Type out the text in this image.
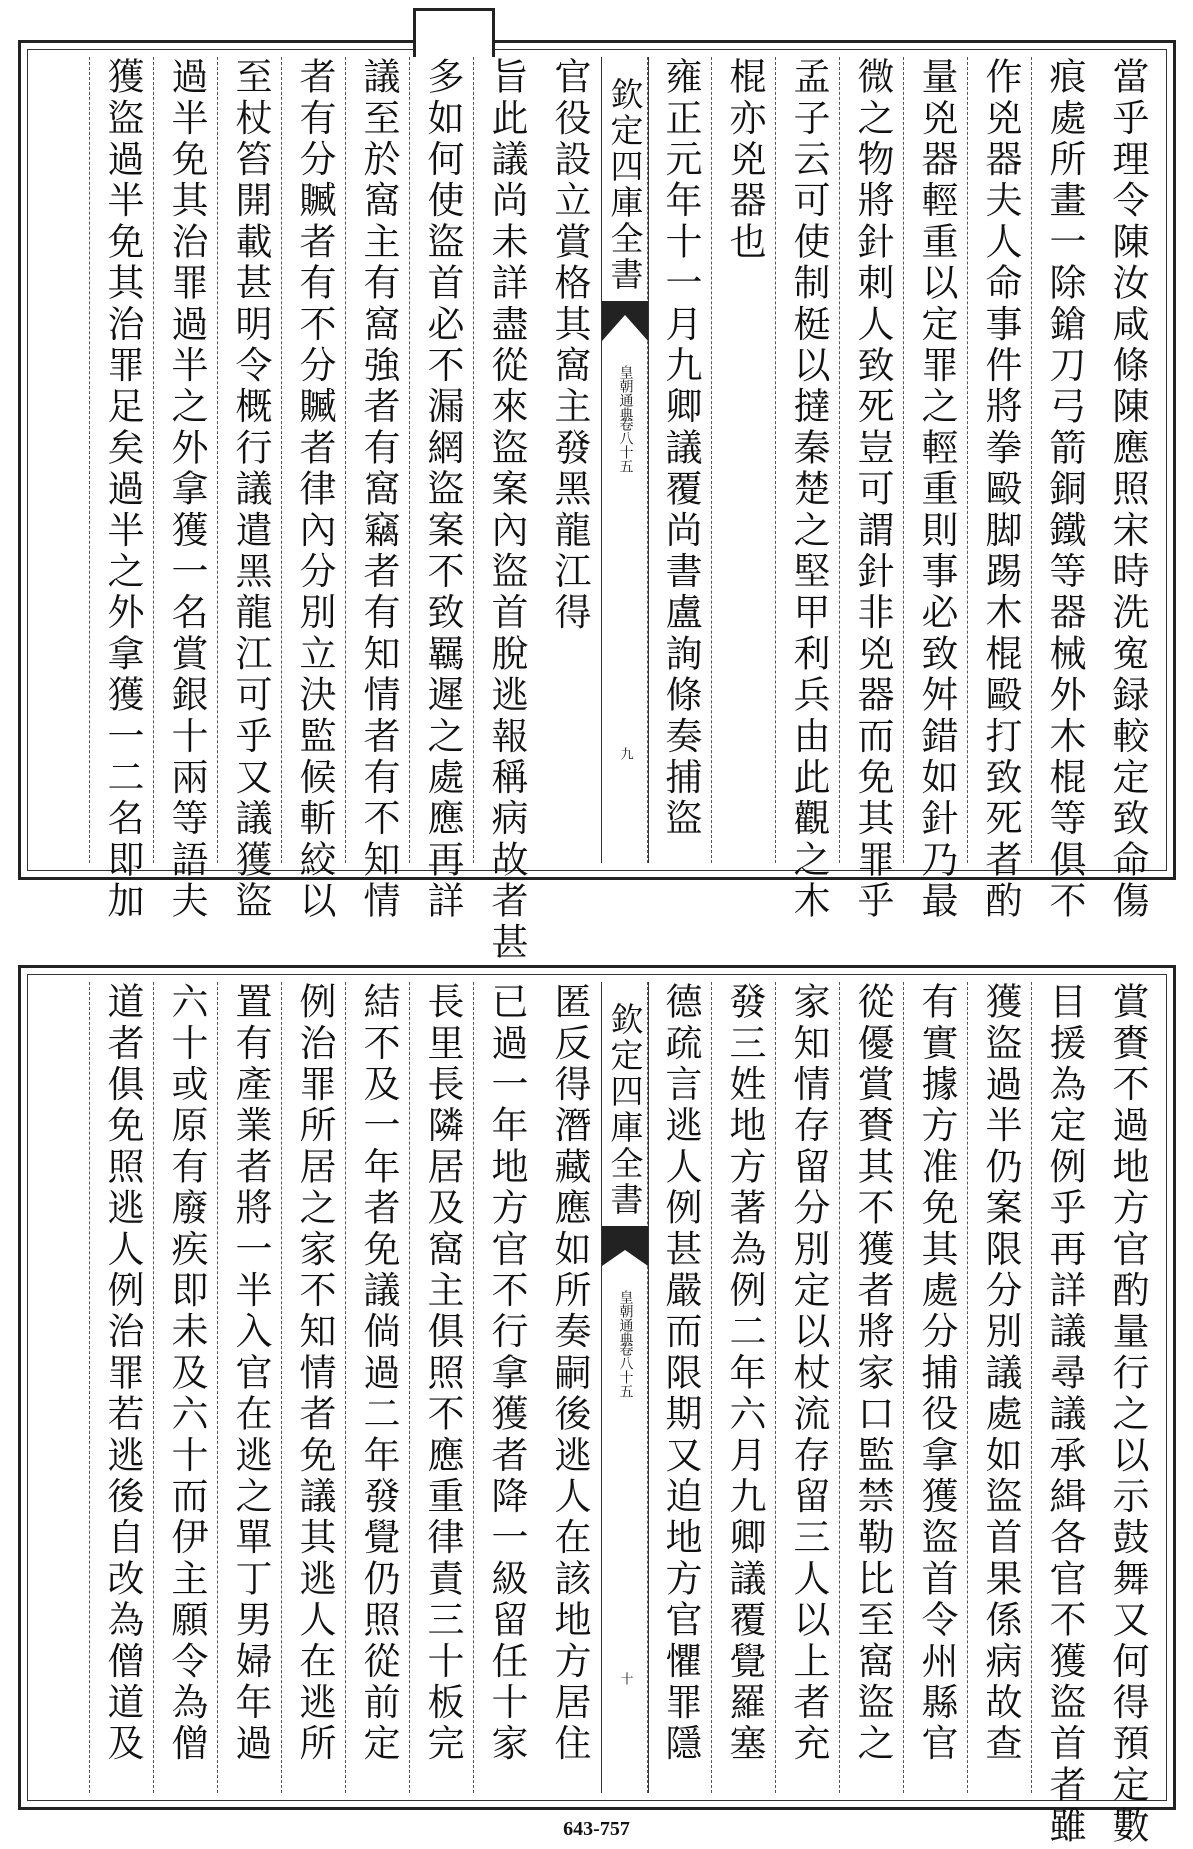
當乎理令陳汝咸條陳應照宋時洗寃録較定致命傷
痕處所畫一除鎗刀弓箭銅鐵等器械外木棍等俱不
作兇器夫人命事件將拳毆脚踢木棍毆打致死者酌
量兇器輕重以定罪之輕重則事必致舛錯如針乃最
微之物將針刺人致死豈可謂針非兇器而免其罪乎
孟子云可使制梃以撻秦楚之堅甲利兵由此觀之木
棍亦兇器也
雍正元年十一月九卿議覆尚書盧詢條奏捕盜
欽定四庫全書
皇朝通典
卷八十五
九
官役設立賞格其窩主發黑龍江得
旨此議尚未詳盡從來盜案內盜首脫逃報稱病故者甚
多如何使盜首必不漏網盜案不致羈遲之處應再詳
議至於窩主有窩強者有窩竊者有知情者有不知情
者有分贓者有不分贓者律內分別立決監候斬絞以
至杖笞開載甚明令概行議遣黑龍江可乎又議獲盜
過半免其治罪過半之外拿獲一名賞銀十兩等語夫
獲盜過半免其治罪足矣過半之外拿獲一二名即加
賞賚不過地方官酌量行之以示鼓舞又何得預定數
目援為定例乎再詳議尋議承緝各官不獲盜首者雖
獲盜過半仍案限分別議處如盜首果係病故查
有實據方准免其處分捕役拿獲盜首令州縣官
從優賞賚其不獲者將家口監禁勒比至窩盜之
家知情存留分別定以杖流存留三人以上者充
發三姓地方著為例二年六月九卿議覆覺羅塞
德疏言逃人例甚嚴而限期又迫地方官懼罪隱
欽定四庫全書
皇朝通典
卷八十五
十
匿反得潛藏應如所奏嗣後逃人在該地方居住
已過一年地方官不行拿獲者降一級留任十家
長里長隣居及窩主俱照不應重律責三十板完
結不及一年者免議倘過二年發覺仍照從前定
例治罪所居之家不知情者免議其逃人在逃所
置有產業者將一半入官在逃之單丁男婦年過
六十或原有廢疾即未及六十而伊主願令為僧
道者俱免照逃人例治罪若逃後自改為僧道及
643-757
